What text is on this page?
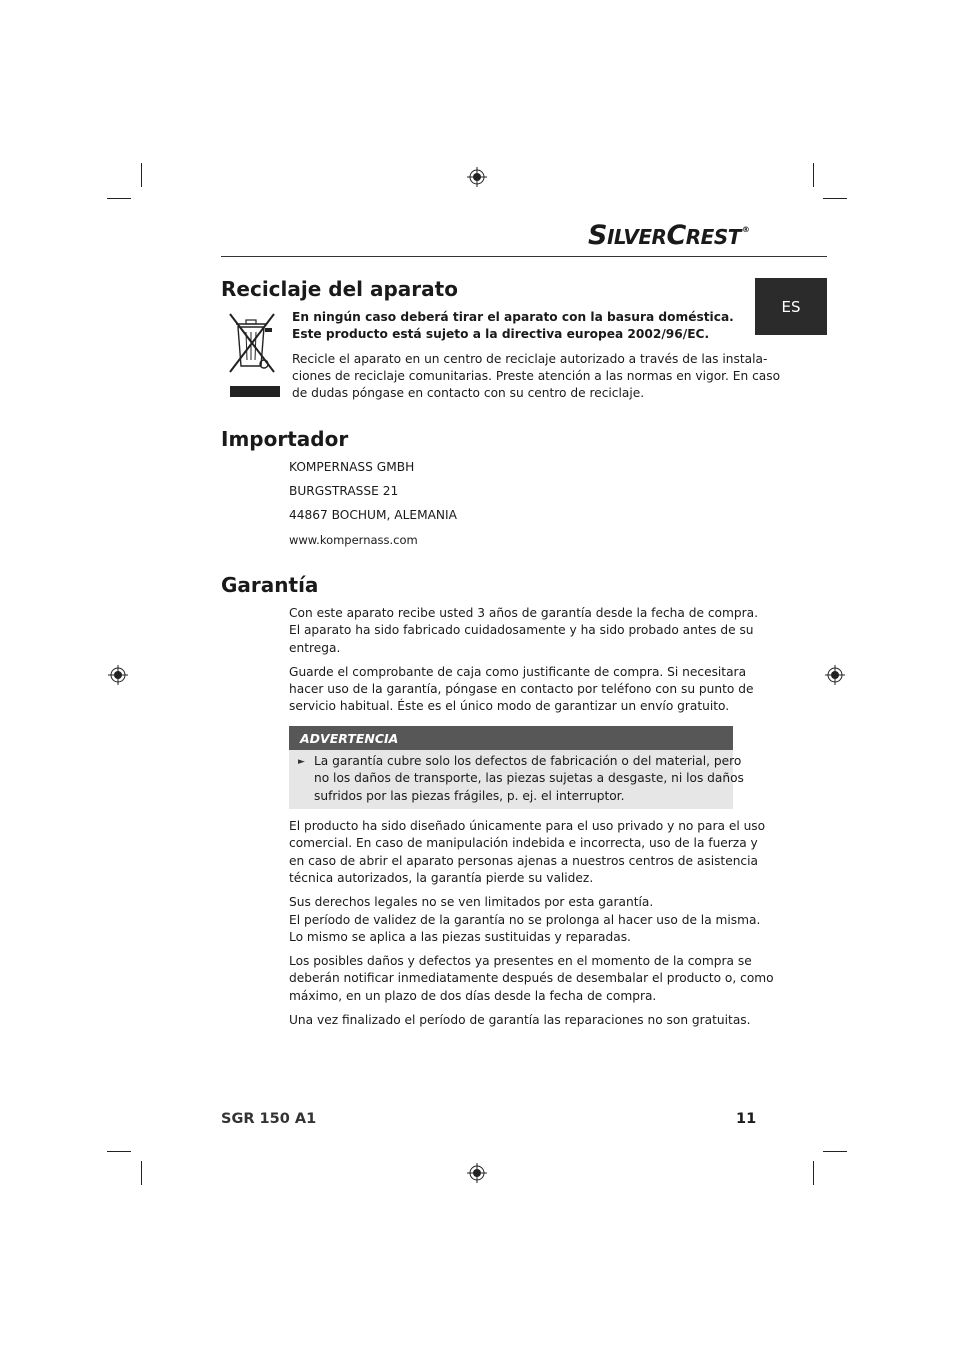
SILVERCREST®
ES
Reciclaje del aparato
En ningún caso deberá tirar el aparato con la basura doméstica.
Este producto está sujeto a la directiva europea 2002/96/EC.
Recicle el aparato en un centro de reciclaje autorizado a través de las instala-
ciones de reciclaje comunitarias. Preste atención a las normas en vigor. En caso
de dudas póngase en contacto con su centro de reciclaje.
Importador
KOMPERNASS GMBH
BURGSTRASSE 21
44867 BOCHUM, ALEMANIA
www.kompernass.com
Garantía
Con este aparato recibe usted 3 años de garantía desde la fecha de compra.
El aparato ha sido fabricado cuidadosamente y ha sido probado antes de su
entrega.
Guarde el comprobante de caja como justificante de compra. Si necesitara
hacer uso de la garantía, póngase en contacto por teléfono con su punto de
servicio habitual. Éste es el único modo de garantizar un envío gratuito.
ADVERTENCIA
► La garantía cubre solo los defectos de fabricación o del material, pero
no los daños de transporte, las piezas sujetas a desgaste, ni los daños
sufridos por las piezas frágiles, p. ej. el interruptor.
El producto ha sido diseñado únicamente para el uso privado y no para el uso
comercial. En caso de manipulación indebida e incorrecta, uso de la fuerza y
en caso de abrir el aparato personas ajenas a nuestros centros de asistencia
técnica autorizados, la garantía pierde su validez.
Sus derechos legales no se ven limitados por esta garantía.
El período de validez de la garantía no se prolonga al hacer uso de la misma.
Lo mismo se aplica a las piezas sustituidas y reparadas.
Los posibles daños y defectos ya presentes en el momento de la compra se
deberán notificar inmediatamente después de desembalar el producto o, como
máximo, en un plazo de dos días desde la fecha de compra.
Una vez finalizado el período de garantía las reparaciones no son gratuitas.
SGR 150 A1	11
